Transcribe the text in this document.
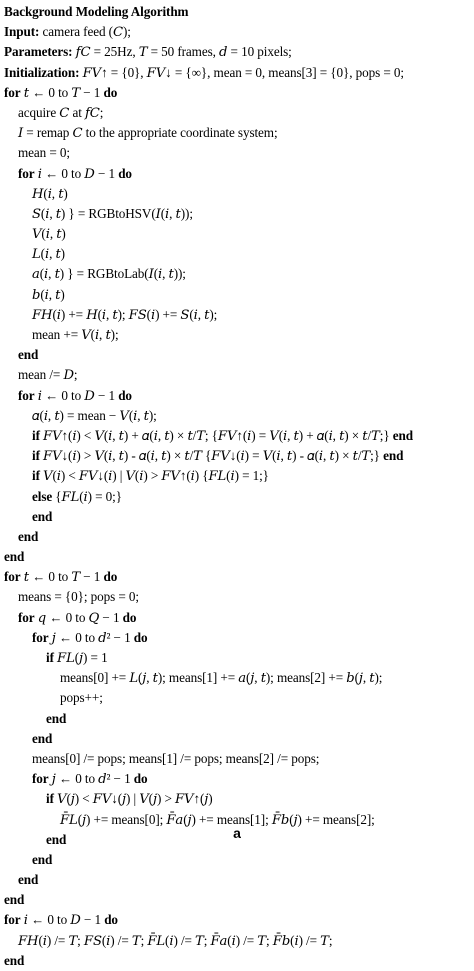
Background Modeling Algorithm
Input: camera feed (𝐶);
Parameters: 𝑓𝐶 = 25Hz, 𝑇 = 50 frames, 𝑑 = 10 pixels;
Initialization: 𝐹𝑉↑ = {0}, 𝐹𝑉↓ = {∞}, mean = 0, means[3] = {0}, pops = 0;
for 𝑡 ← 0 to 𝑇 − 1 do
acquire 𝐶 at 𝑓𝐶;
𝐼 = remap 𝐶 to the appropriate coordinate system;
mean = 0;
for 𝑖 ← 0 to 𝐷 − 1 do
𝐻(𝑖, 𝑡)
𝑆(𝑖, 𝑡) } = RGBtoHSV(𝐼(𝑖, 𝑡));
𝑉(𝑖, 𝑡)
𝐿(𝑖, 𝑡)
𝑎(𝑖, 𝑡) } = RGBtoLab(𝐼(𝑖, 𝑡));
𝑏(𝑖, 𝑡)
𝐹𝐻(𝑖) += 𝐻(𝑖, 𝑡); 𝐹𝑆(𝑖) += 𝑆(𝑖, 𝑡);
mean += 𝑉(𝑖, 𝑡);
end
mean /= 𝐷;
for 𝑖 ← 0 to 𝐷 − 1 do
𝛼(𝑖, 𝑡) = mean − 𝑉(𝑖, 𝑡);
if 𝐹𝑉↑(𝑖) < 𝑉(𝑖, 𝑡) + 𝛼(𝑖, 𝑡) × 𝑡/𝑇; {𝐹𝑉↑(𝑖) = 𝑉(𝑖, 𝑡) + 𝛼(𝑖, 𝑡) × 𝑡/𝑇;} end
if 𝐹𝑉↓(𝑖) > 𝑉(𝑖, 𝑡) - 𝛼(𝑖, 𝑡) × 𝑡/𝑇 {𝐹𝑉↓(𝑖) = 𝑉(𝑖, 𝑡) - 𝛼(𝑖, 𝑡) × 𝑡/𝑇;} end
if 𝑉(𝑖) < 𝐹𝑉↓(𝑖) | 𝑉(𝑖) > 𝐹𝑉↑(𝑖) {𝐹𝐿(𝑖) = 1;}
else {𝐹𝐿(𝑖) = 0;}
end
end
end
for 𝑡 ← 0 to 𝑇 − 1 do
means = {0}; pops = 0;
for 𝑞 ← 0 to 𝑄 − 1 do
for 𝑗 ← 0 to 𝑑² − 1 do
if 𝐹𝐿(𝑗) = 1
means[0] += 𝐿(𝑗, 𝑡); means[1] += 𝑎(𝑗, 𝑡); means[2] += 𝑏(𝑗, 𝑡);
pops++;
end
end
means[0] /= pops; means[1] /= pops; means[2] /= pops;
for 𝑗 ← 0 to 𝑑² − 1 do
if 𝑉(𝑗) < 𝐹𝑉↓(𝑗) | 𝑉(𝑗) > 𝐹𝑉↑(𝑗)
𝐹̄𝐿(𝑗) += means[0]; 𝐹̄𝑎(𝑗) += means[1]; 𝐹̄𝑏(𝑗) += means[2];
end
end
end
end
for 𝑖 ← 0 to 𝐷 − 1 do
𝐹𝐻(𝑖) /= 𝑇; 𝐹𝑆(𝑖) /= 𝑇; 𝐹̄𝐿(𝑖) /= 𝑇; 𝐹̄𝑎(𝑖) /= 𝑇; 𝐹̄𝑏(𝑖) /= 𝑇;
end
a
